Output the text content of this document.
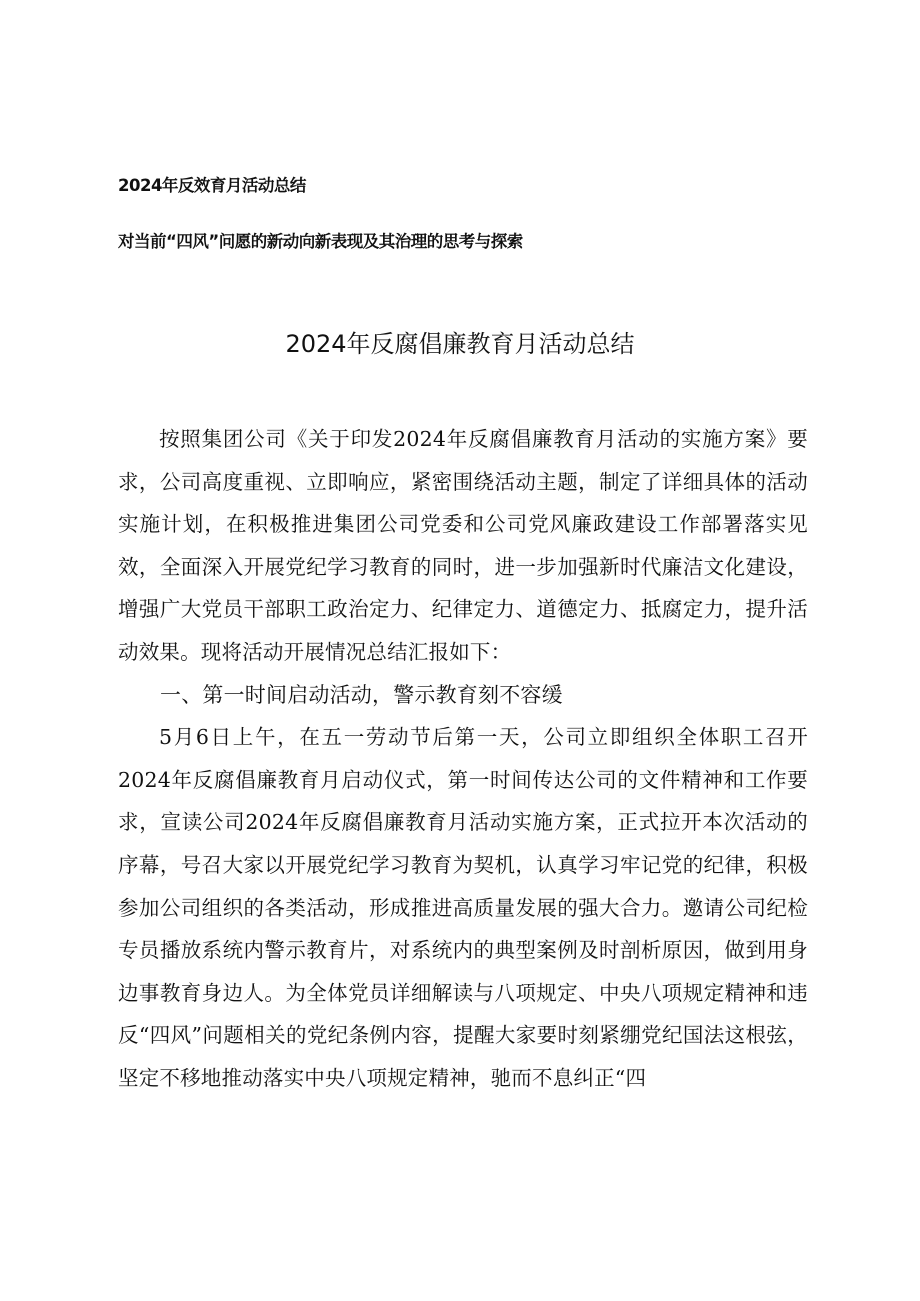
2024年反效育月活动总结
对当前“四风”问愿的新动向新表现及其治理的思考与探索
2024年反腐倡廉教育月活动总结

按照集团公司《关于印发2024年反腐倡廉教育月活动的实施方案》要求，公司高度重视、立即响应，紧密围绕活动主题，制定了详细具体的活动实施计划，在积极推进集团公司党委和公司党风廉政建设工作部署落实见效，全面深入开展党纪学习教育的同时，进一步加强新时代廉洁文化建设，增强广大党员干部职工政治定力、纪律定力、道德定力、抵腐定力，提升活动效果。现将活动开展情况总结汇报如下：

一、第一时间启动活动，警示教育刻不容缓

5月6日上午，在五一劳动节后第一天，公司立即组织全体职工召开2024年反腐倡廉教育月启动仪式，第一时间传达公司的文件精神和工作要求，宣读公司2024年反腐倡廉教育月活动实施方案，正式拉开本次活动的序幕，号召大家以开展党纪学习教育为契机，认真学习牢记党的纪律，积极参加公司组织的各类活动，形成推进高质量发展的强大合力。邀请公司纪检专员播放系统内警示教育片，对系统内的典型案例及时剖析原因，做到用身边事教育身边人。为全体党员详细解读与八项规定、中央八项规定精神和违反“四风”问题相关的党纪条例内容，提醒大家要时刻紧绷党纪国法这根弦，坚定不移地推动落实中央八项规定精神，驰而不息纠正“四
